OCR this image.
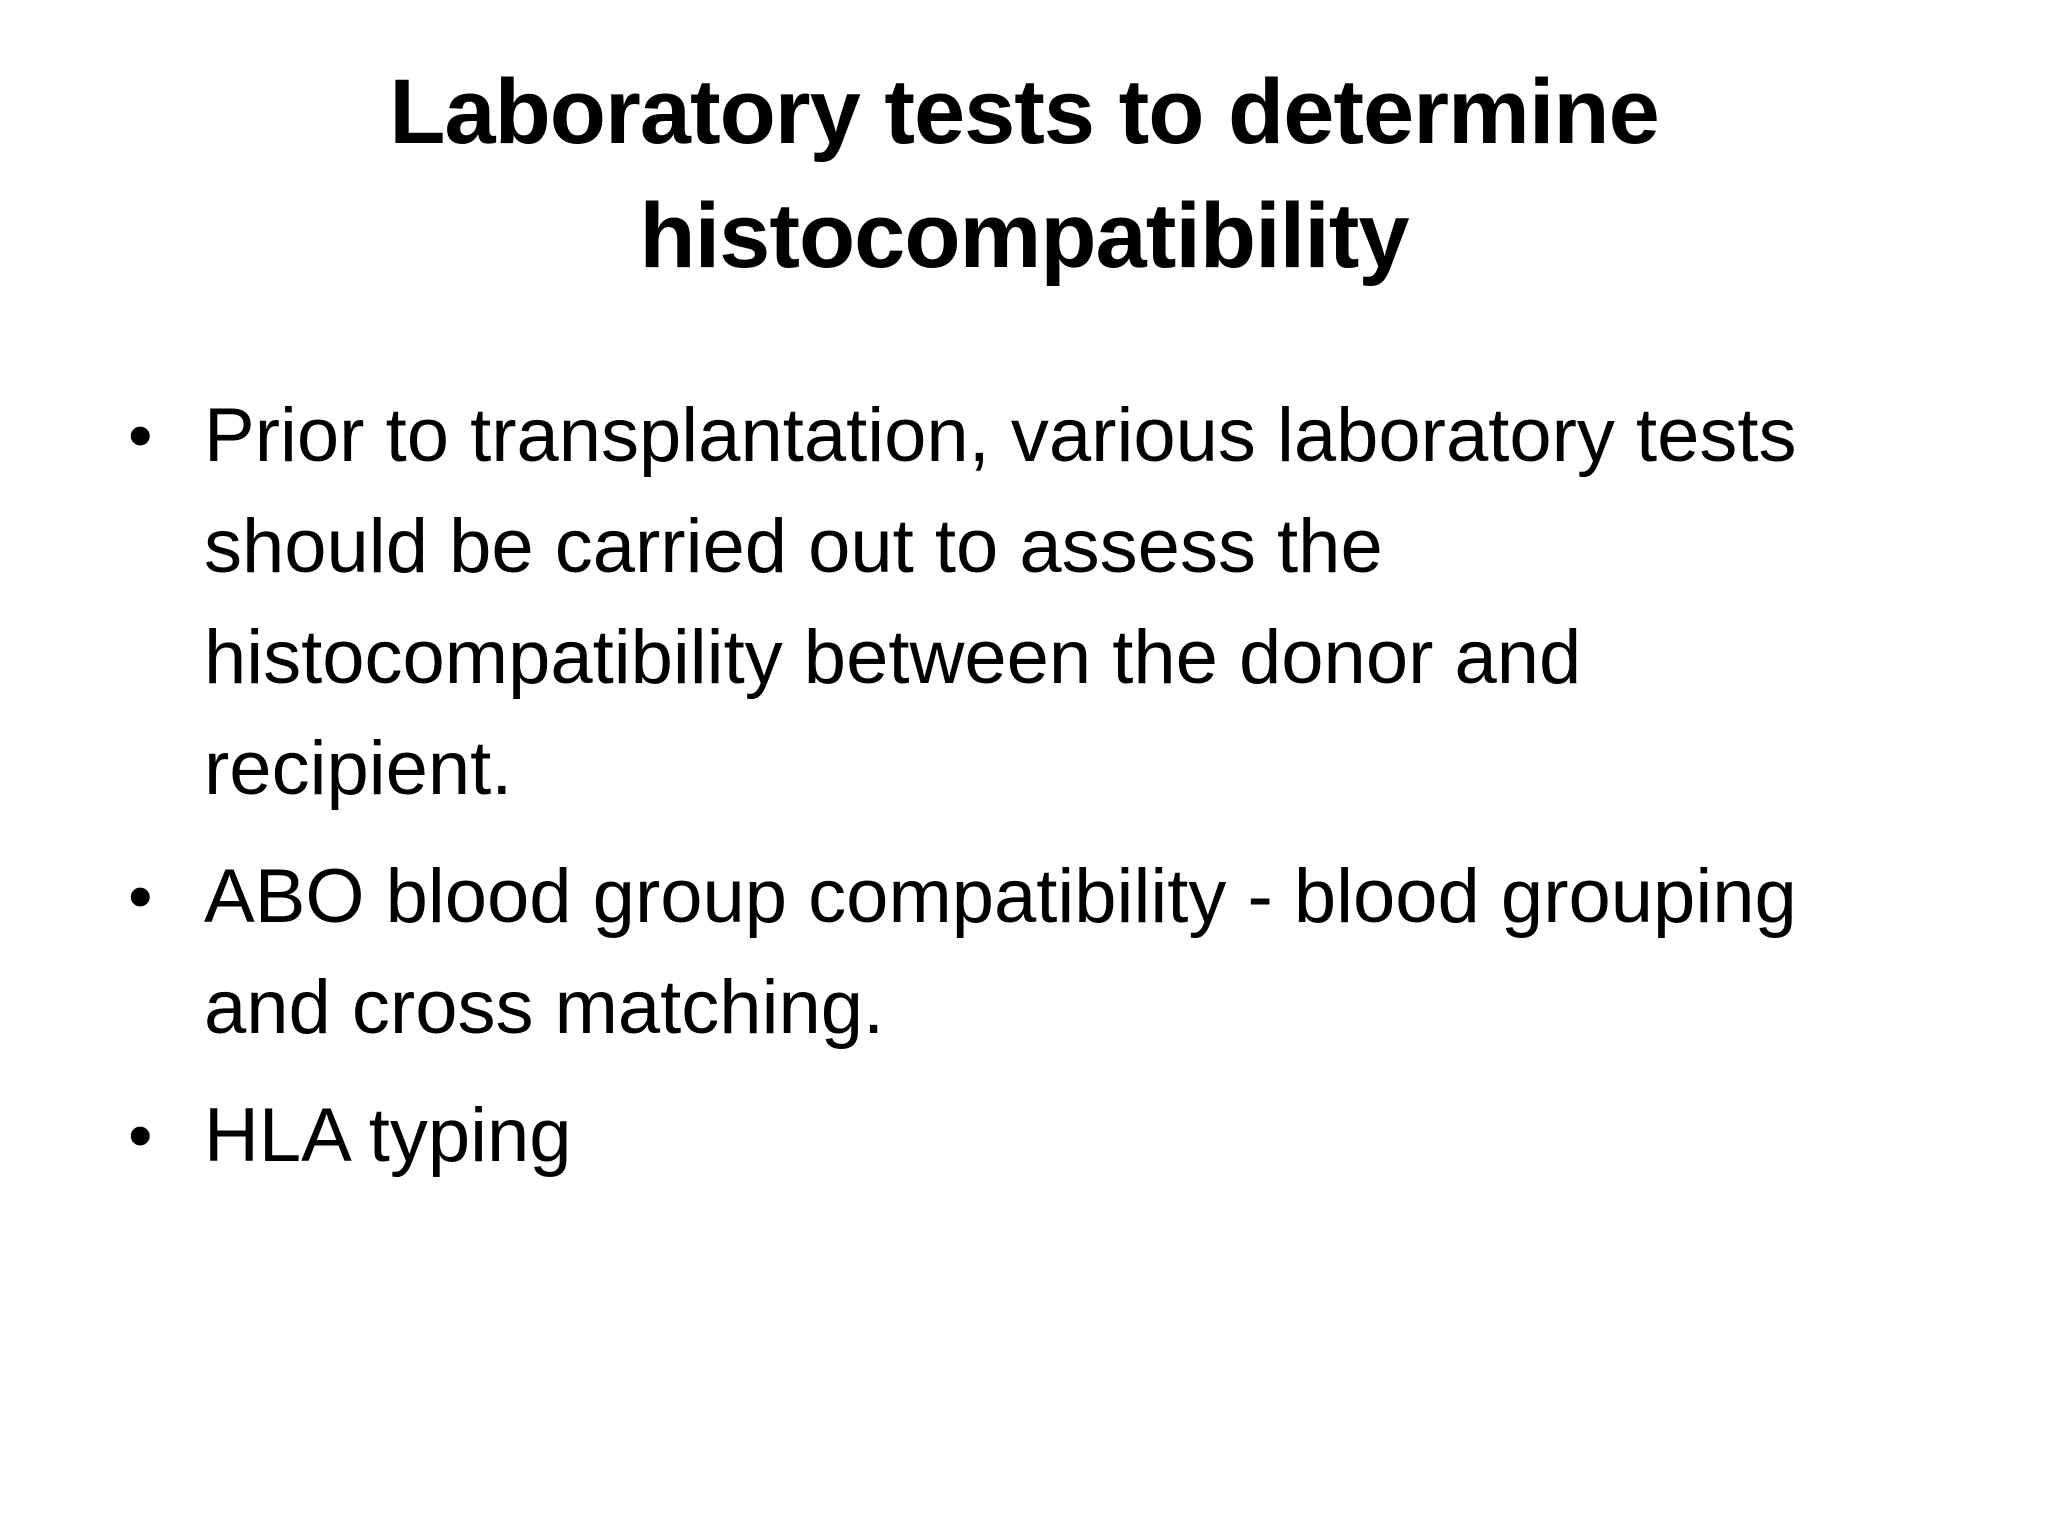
Laboratory tests to determine histocompatibility
• Prior to transplantation, various laboratory tests should be carried out to assess the histocompatibility between the donor and recipient.
• ABO blood group compatibility - blood grouping and cross matching.
• HLA typing
